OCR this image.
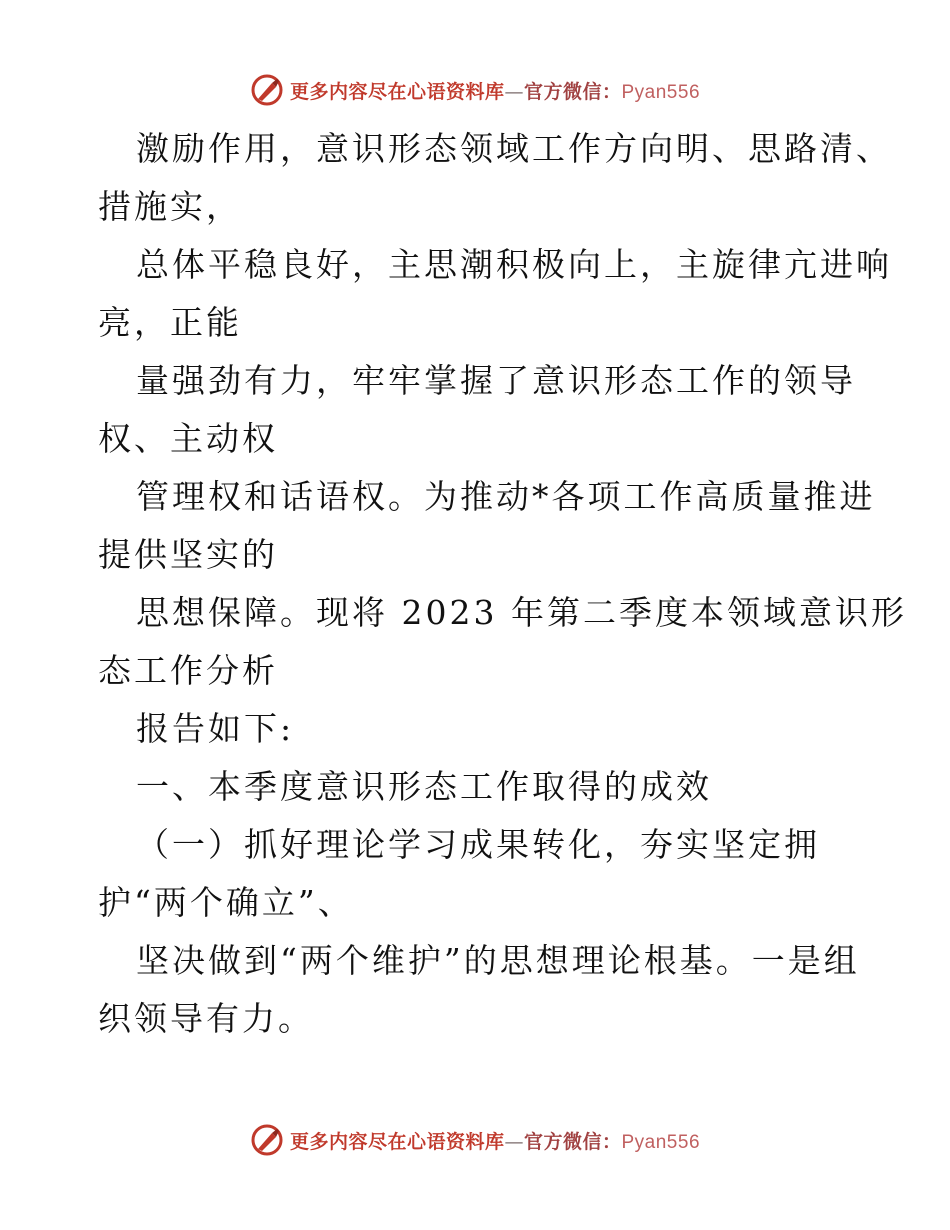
更多内容尽在心语资料库—官方微信：Pyan556
激励作用，意识形态领域工作方向明、思路清、
措施实，
总体平稳良好，主思潮积极向上，主旋律亢进响
亮，正能
量强劲有力，牢牢掌握了意识形态工作的领导
权、主动权
管理权和话语权。为推动*各项工作高质量推进
提供坚实的
思想保障。现将 2023 年第二季度本领域意识形
态工作分析
报告如下:
一、本季度意识形态工作取得的成效
（一）抓好理论学习成果转化，夯实坚定拥
护“两个确立”、
坚决做到“两个维护”的思想理论根基。一是组
织领导有力。
更多内容尽在心语资料库—官方微信：Pyan556
